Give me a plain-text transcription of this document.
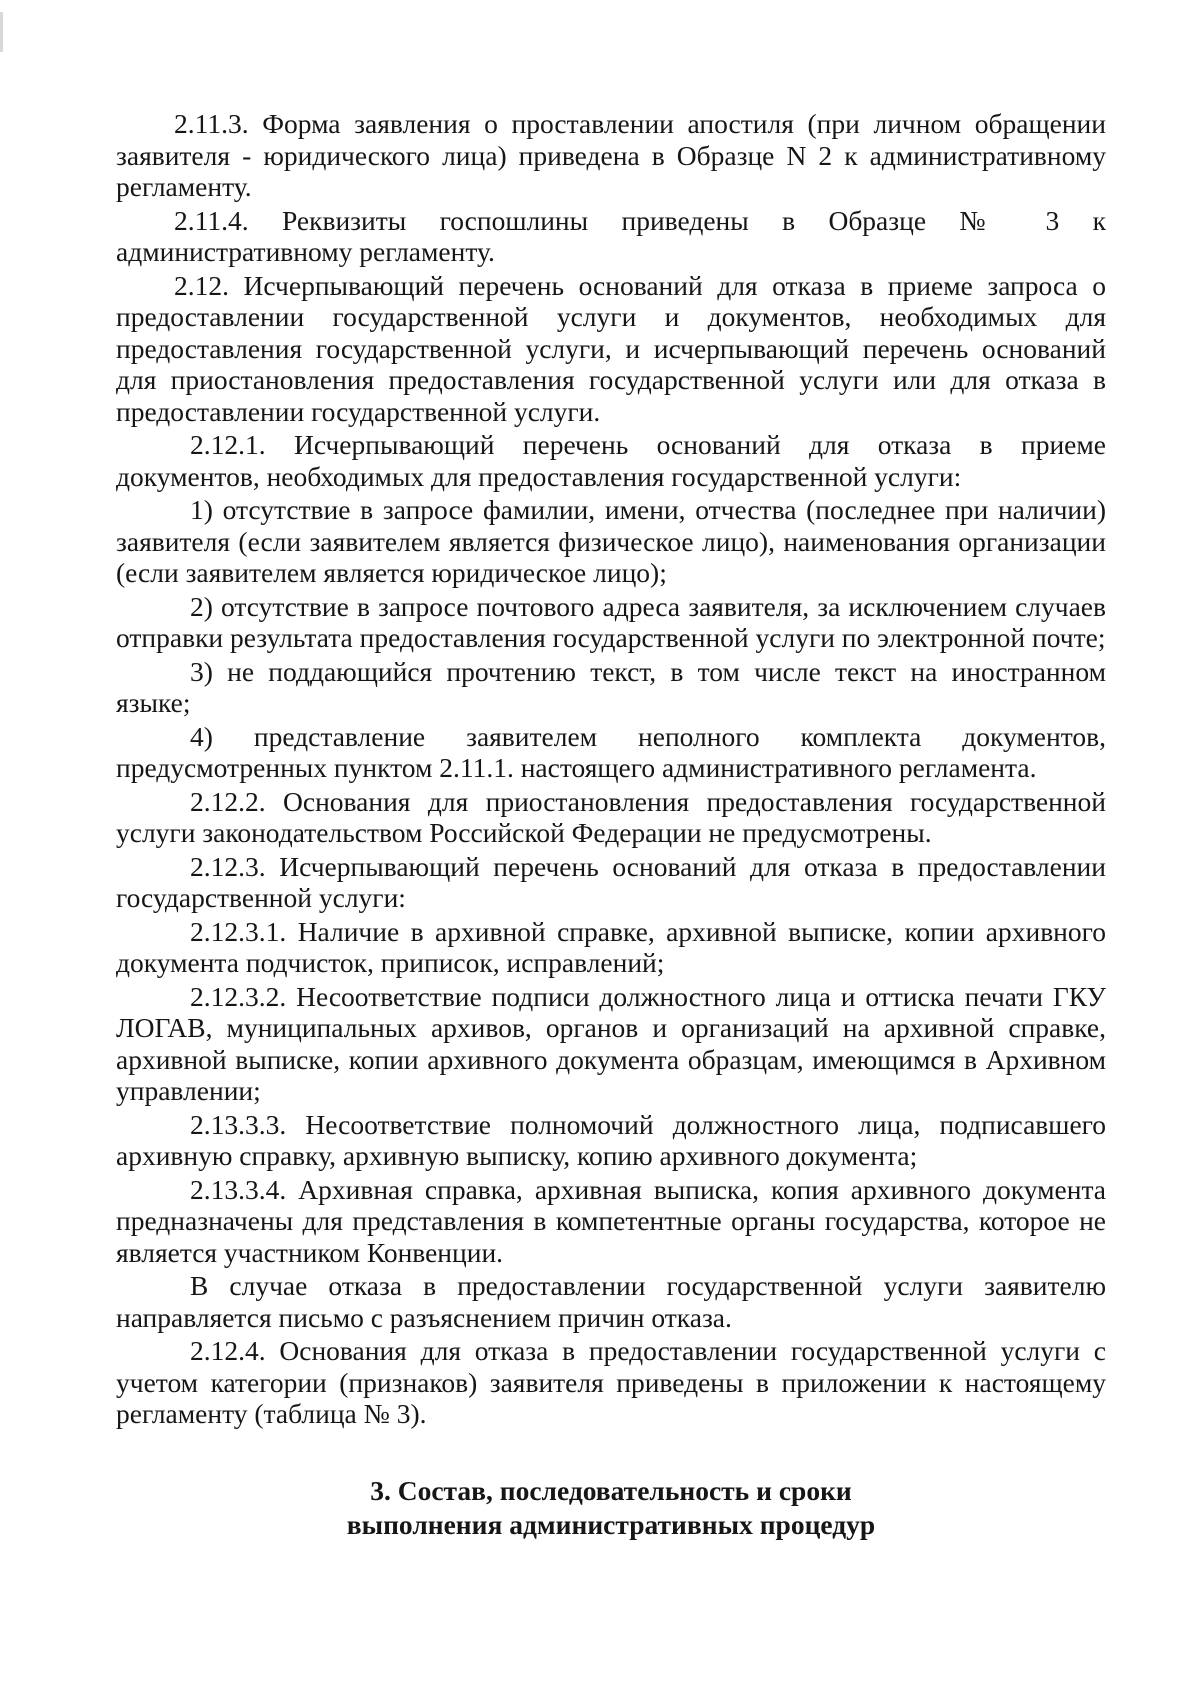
2.11.3. Форма заявления о проставлении апостиля (при личном обращении заявителя - юридического лица) приведена в Образце N 2 к административному регламенту.

2.11.4. Реквизиты госпошлины приведены в Образце № 3 к административному регламенту.

2.12. Исчерпывающий перечень оснований для отказа в приеме запроса о предоставлении государственной услуги и документов, необходимых для предоставления государственной услуги, и исчерпывающий перечень оснований для приостановления предоставления государственной услуги или для отказа в предоставлении государственной услуги.

2.12.1. Исчерпывающий перечень оснований для отказа в приеме документов, необходимых для предоставления государственной услуги:

1) отсутствие в запросе фамилии, имени, отчества (последнее при наличии) заявителя (если заявителем является физическое лицо), наименования организации (если заявителем является юридическое лицо);

2) отсутствие в запросе почтового адреса заявителя, за исключением случаев отправки результата предоставления государственной услуги по электронной почте;

3) не поддающийся прочтению текст, в том числе текст на иностранном языке;

4) представление заявителем неполного комплекта документов, предусмотренных пунктом 2.11.1. настоящего административного регламента.

2.12.2. Основания для приостановления предоставления государственной услуги законодательством Российской Федерации не предусмотрены.

2.12.3. Исчерпывающий перечень оснований для отказа в предоставлении государственной услуги:

2.12.3.1. Наличие в архивной справке, архивной выписке, копии архивного документа подчисток, приписок, исправлений;

2.12.3.2. Несоответствие подписи должностного лица и оттиска печати ГКУ ЛОГАВ, муниципальных архивов, органов и организаций на архивной справке, архивной выписке, копии архивного документа образцам, имеющимся в Архивном управлении;

2.13.3.3. Несоответствие полномочий должностного лица, подписавшего архивную справку, архивную выписку, копию архивного документа;

2.13.3.4. Архивная справка, архивная выписка, копия архивного документа предназначены для представления в компетентные органы государства, которое не является участником Конвенции.

В случае отказа в предоставлении государственной услуги заявителю направляется письмо с разъяснением причин отказа.

2.12.4. Основания для отказа в предоставлении государственной услуги с учетом категории (признаков) заявителя приведены в приложении к настоящему регламенту (таблица № 3).

3. Состав, последовательность и сроки
выполнения административных процедур
